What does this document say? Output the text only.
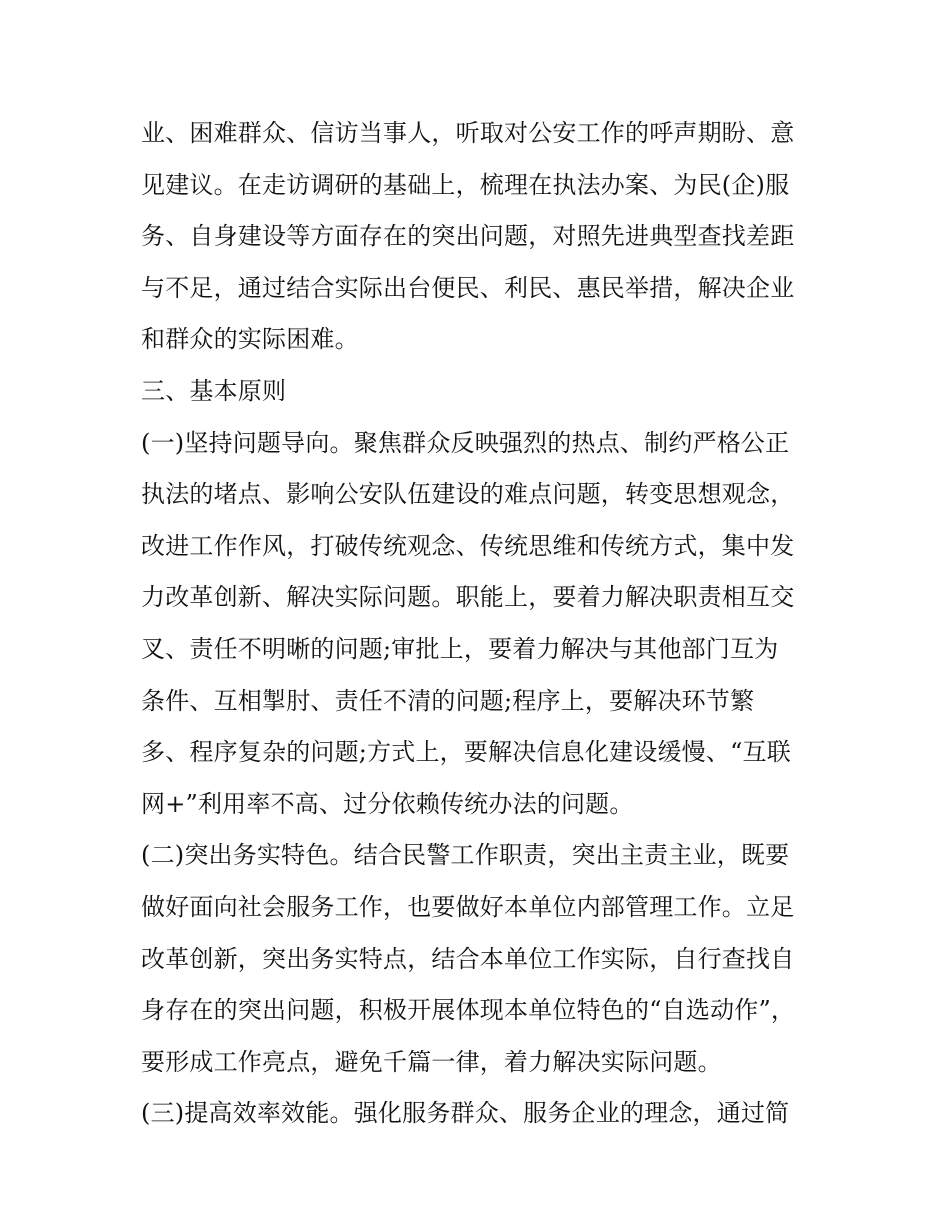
业、困难群众、信访当事人，听取对公安工作的呼声期盼、意
见建议。在走访调研的基础上，梳理在执法办案、为民(企)服
务、自身建设等方面存在的突出问题，对照先进典型查找差距
与不足，通过结合实际出台便民、利民、惠民举措，解决企业
和群众的实际困难。
三、基本原则
(一)坚持问题导向。聚焦群众反映强烈的热点、制约严格公正
执法的堵点、影响公安队伍建设的难点问题，转变思想观念，
改进工作作风，打破传统观念、传统思维和传统方式，集中发
力改革创新、解决实际问题。职能上，要着力解决职责相互交
叉、责任不明晰的问题;审批上，要着力解决与其他部门互为
条件、互相掣肘、责任不清的问题;程序上，要解决环节繁
多、程序复杂的问题;方式上，要解决信息化建设缓慢、“互联
网+”利用率不高、过分依赖传统办法的问题。
(二)突出务实特色。结合民警工作职责，突出主责主业，既要
做好面向社会服务工作，也要做好本单位内部管理工作。立足
改革创新，突出务实特点，结合本单位工作实际，自行查找自
身存在的突出问题，积极开展体现本单位特色的“自选动作”，
要形成工作亮点，避免千篇一律，着力解决实际问题。
(三)提高效率效能。强化服务群众、服务企业的理念，通过简
